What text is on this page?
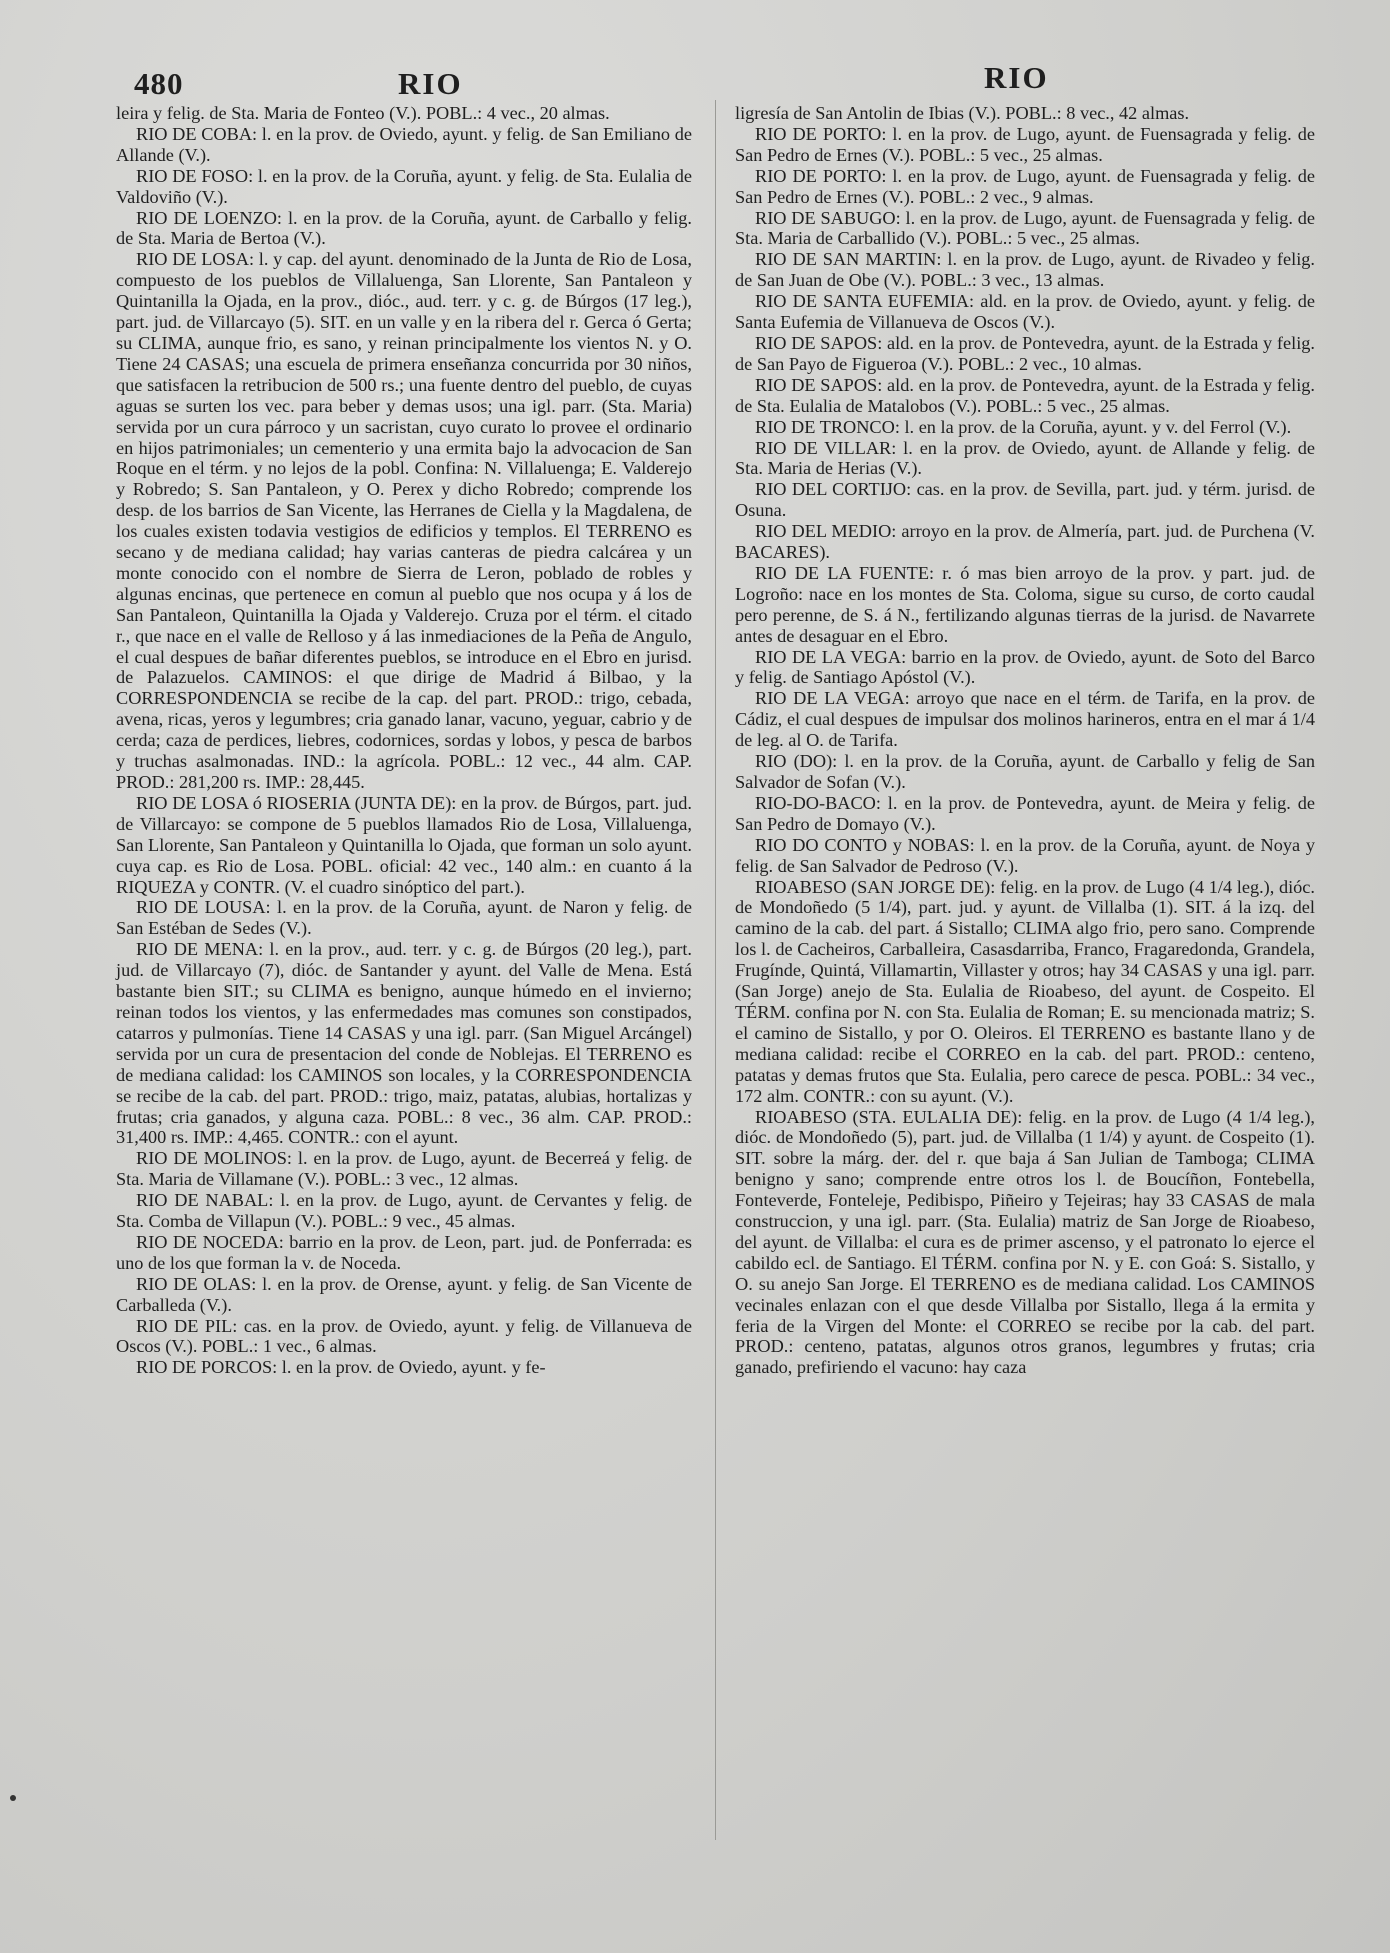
480	RIO	RIO

leira y felig. de Sta. Maria de Fonteo (V.). POBL.: 4 vec., 20 almas.

RIO DE COBA: l. en la prov. de Oviedo, ayunt. y felig. de San Emiliano de Allande (V.).

RIO DE FOSO: l. en la prov. de la Coruña, ayunt. y felig. de Sta. Eulalia de Valdoviño (V.).

RIO DE LOENZO: l. en la prov. de la Coruña, ayunt. de Carballo y felig. de Sta. Maria de Bertoa (V.).

RIO DE LOSA: l. y cap. del ayunt. denominado de la Junta de Rio de Losa, compuesto de los pueblos de Villaluenga, San Llorente, San Pantaleon y Quintanilla la Ojada, en la prov., dióc., aud. terr. y c. g. de Búrgos (17 leg.), part. jud. de Villarcayo (5). SIT. en un valle y en la ribera del r. Gerca ó Gerta; su CLIMA, aunque frio, es sano, y reinan principalmente los vientos N. y O. Tiene 24 CASAS; una escuela de primera enseñanza concurrida por 30 niños, que satisfacen la retribucion de 500 rs.; una fuente dentro del pueblo, de cuyas aguas se surten los vec. para beber y demas usos; una igl. parr. (Sta. Maria) servida por un cura párroco y un sacristan, cuyo curato lo provee el ordinario en hijos patrimoniales; un cementerio y una ermita bajo la advocacion de San Roque en el térm. y no lejos de la pobl. Confina: N. Villaluenga; E. Valderejo y Robredo; S. San Pantaleon, y O. Perex y dicho Robredo; comprende los desp. de los barrios de San Vicente, las Herranes de Ciella y la Magdalena, de los cuales existen todavia vestigios de edificios y templos. El TERRENO es secano y de mediana calidad; hay varias canteras de piedra calcárea y un monte conocido con el nombre de Sierra de Leron, poblado de robles y algunas encinas, que pertenece en comun al pueblo que nos ocupa y á los de San Pantaleon, Quintanilla la Ojada y Valderejo. Cruza por el térm. el citado r., que nace en el valle de Relloso y á las inmediaciones de la Peña de Angulo, el cual despues de bañar diferentes pueblos, se introduce en el Ebro en jurisd. de Palazuelos. CAMINOS: el que dirige de Madrid á Bilbao, y la CORRESPONDENCIA se recibe de la cap. del part. PROD.: trigo, cebada, avena, ricas, yeros y legumbres; cria ganado lanar, vacuno, yeguar, cabrio y de cerda; caza de perdices, liebres, codornices, sordas y lobos, y pesca de barbos y truchas asalmonadas. IND.: la agrícola. POBL.: 12 vec., 44 alm. CAP. PROD.: 281,200 rs. IMP.: 28,445.

RIO DE LOSA ó RIOSERIA (JUNTA DE): en la prov. de Búrgos, part. jud. de Villarcayo: se compone de 5 pueblos llamados Rio de Losa, Villaluenga, San Llorente, San Pantaleon y Quintanilla lo Ojada, que forman un solo ayunt. cuya cap. es Rio de Losa. POBL. oficial: 42 vec., 140 alm.: en cuanto á la RIQUEZA y CONTR. (V. el cuadro sinóptico del part.).

RIO DE LOUSA: l. en la prov. de la Coruña, ayunt. de Naron y felig. de San Estéban de Sedes (V.).

RIO DE MENA: l. en la prov., aud. terr. y c. g. de Búrgos (20 leg.), part. jud. de Villarcayo (7), dióc. de Santander y ayunt. del Valle de Mena. Está bastante bien SIT.; su CLIMA es benigno, aunque húmedo en el invierno; reinan todos los vientos, y las enfermedades mas comunes son constipados, catarros y pulmonías. Tiene 14 CASAS y una igl. parr. (San Miguel Arcángel) servida por un cura de presentacion del conde de Noblejas. El TERRENO es de mediana calidad: los CAMINOS son locales, y la CORRESPONDENCIA se recibe de la cab. del part. PROD.: trigo, maiz, patatas, alubias, hortalizas y frutas; cria ganados, y alguna caza. POBL.: 8 vec., 36 alm. CAP. PROD.: 31,400 rs. IMP.: 4,465. CONTR.: con el ayunt.

RIO DE MOLINOS: l. en la prov. de Lugo, ayunt. de Becerreá y felig. de Sta. Maria de Villamane (V.). POBL.: 3 vec., 12 almas.

RIO DE NABAL: l. en la prov. de Lugo, ayunt. de Cervantes y felig. de Sta. Comba de Villapun (V.). POBL.: 9 vec., 45 almas.

RIO DE NOCEDA: barrio en la prov. de Leon, part. jud. de Ponferrada: es uno de los que forman la v. de Noceda.

RIO DE OLAS: l. en la prov. de Orense, ayunt. y felig. de San Vicente de Carballeda (V.).

RIO DE PIL: cas. en la prov. de Oviedo, ayunt. y felig. de Villanueva de Oscos (V.). POBL.: 1 vec., 6 almas.

RIO DE PORCOS: l. en la prov. de Oviedo, ayunt. y fe-

ligresía de San Antolin de Ibias (V.). POBL.: 8 vec., 42 almas.

RIO DE PORTO: l. en la prov. de Lugo, ayunt. de Fuensagrada y felig. de San Pedro de Ernes (V.). POBL.: 5 vec., 25 almas.

RIO DE PORTO: l. en la prov. de Lugo, ayunt. de Fuensagrada y felig. de San Pedro de Ernes (V.). POBL.: 2 vec., 9 almas.

RIO DE SABUGO: l. en la prov. de Lugo, ayunt. de Fuensagrada y felig. de Sta. Maria de Carballido (V.). POBL.: 5 vec., 25 almas.

RIO DE SAN MARTIN: l. en la prov. de Lugo, ayunt. de Rivadeo y felig. de San Juan de Obe (V.). POBL.: 3 vec., 13 almas.

RIO DE SANTA EUFEMIA: ald. en la prov. de Oviedo, ayunt. y felig. de Santa Eufemia de Villanueva de Oscos (V.).

RIO DE SAPOS: ald. en la prov. de Pontevedra, ayunt. de la Estrada y felig. de San Payo de Figueroa (V.). POBL.: 2 vec., 10 almas.

RIO DE SAPOS: ald. en la prov. de Pontevedra, ayunt. de la Estrada y felig. de Sta. Eulalia de Matalobos (V.). POBL.: 5 vec., 25 almas.

RIO DE TRONCO: l. en la prov. de la Coruña, ayunt. y v. del Ferrol (V.).

RIO DE VILLAR: l. en la prov. de Oviedo, ayunt. de Allande y felig. de Sta. Maria de Herias (V.).

RIO DEL CORTIJO: cas. en la prov. de Sevilla, part. jud. y térm. jurisd. de Osuna.

RIO DEL MEDIO: arroyo en la prov. de Almería, part. jud. de Purchena (V. BACARES).

RIO DE LA FUENTE: r. ó mas bien arroyo de la prov. y part. jud. de Logroño: nace en los montes de Sta. Coloma, sigue su curso, de corto caudal pero perenne, de S. á N., fertilizando algunas tierras de la jurisd. de Navarrete antes de desaguar en el Ebro.

RIO DE LA VEGA: barrio en la prov. de Oviedo, ayunt. de Soto del Barco y felig. de Santiago Apóstol (V.).

RIO DE LA VEGA: arroyo que nace en el térm. de Tarifa, en la prov. de Cádiz, el cual despues de impulsar dos molinos harineros, entra en el mar á 1/4 de leg. al O. de Tarifa.

RIO (DO): l. en la prov. de la Coruña, ayunt. de Carballo y felig de San Salvador de Sofan (V.).

RIO-DO-BACO: l. en la prov. de Pontevedra, ayunt. de Meira y felig. de San Pedro de Domayo (V.).

RIO DO CONTO y NOBAS: l. en la prov. de la Coruña, ayunt. de Noya y felig. de San Salvador de Pedroso (V.).

RIOABESO (SAN JORGE DE): felig. en la prov. de Lugo (4 1/4 leg.), dióc. de Mondoñedo (5 1/4), part. jud. y ayunt. de Villalba (1). SIT. á la izq. del camino de la cab. del part. á Sistallo; CLIMA algo frio, pero sano. Comprende los l. de Cacheiros, Carballeira, Casasdarriba, Franco, Fragaredonda, Grandela, Frugínde, Quintá, Villamartin, Villaster y otros; hay 34 CASAS y una igl. parr. (San Jorge) anejo de Sta. Eulalia de Rioabeso, del ayunt. de Cospeito. El TÉRM. confina por N. con Sta. Eulalia de Roman; E. su mencionada matriz; S. el camino de Sistallo, y por O. Oleiros. El TERRENO es bastante llano y de mediana calidad: recibe el CORREO en la cab. del part. PROD.: centeno, patatas y demas frutos que Sta. Eulalia, pero carece de pesca. POBL.: 34 vec., 172 alm. CONTR.: con su ayunt. (V.).

RIOABESO (STA. EULALIA DE): felig. en la prov. de Lugo (4 1/4 leg.), dióc. de Mondoñedo (5), part. jud. de Villalba (1 1/4) y ayunt. de Cospeito (1). SIT. sobre la márg. der. del r. que baja á San Julian de Tamboga; CLIMA benigno y sano; comprende entre otros los l. de Boucíñon, Fontebella, Fonteverde, Fonteleje, Pedibispo, Piñeiro y Tejeiras; hay 33 CASAS de mala construccion, y una igl. parr. (Sta. Eulalia) matriz de San Jorge de Rioabeso, del ayunt. de Villalba: el cura es de primer ascenso, y el patronato lo ejerce el cabildo ecl. de Santiago. El TÉRM. confina por N. y E. con Goá: S. Sistallo, y O. su anejo San Jorge. El TERRENO es de mediana calidad. Los CAMINOS vecinales enlazan con el que desde Villalba por Sistallo, llega á la ermita y feria de la Virgen del Monte: el CORREO se recibe por la cab. del part. PROD.: centeno, patatas, algunos otros granos, legumbres y frutas; cria ganado, prefiriendo el vacuno: hay caza
